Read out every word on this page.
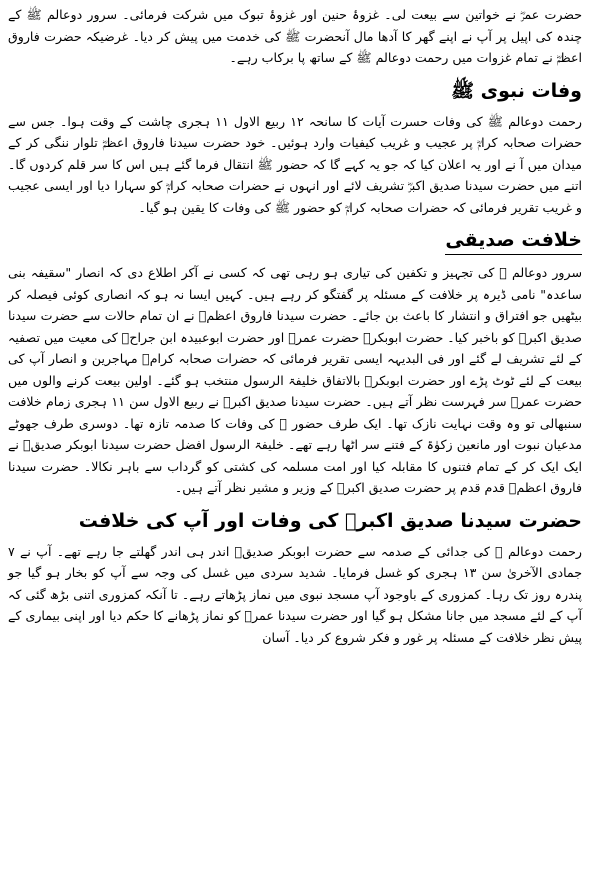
حضرت عمرؓ نے خواتین سے بیعت لی۔ غزوۂ حنین اور غزوۂ تبوک میں شرکت فرمائی۔ سرور دوعالم ﷺ کے چندہ کی اپیل پر آپ نے اپنے گھر کا آدھا مال آنحضرت ﷺ کی خدمت میں پیش کر دیا۔ غرضیکہ حضرت فاروق اعظمؓ نے تمام غزوات میں رحمت دوعالم ﷺ کے ساتھ پا برکاب رہے۔

وفات نبوی ﷺ

رحمت دوعالم ﷺ کی وفات حسرت آیات کا سانحہ ۱۲ ربیع الاول ۱۱ ہجری چاشت کے وقت ہوا۔ جس سے حضرات صحابہ کرامؓ پر عجیب و غریب کیفیات وارد ہوئیں۔ خود حضرت سیدنا فاروق اعظمؓ تلوار ننگی کر کے میدان میں آ نے اور یہ اعلان کیا کہ جو یہ کہے گا کہ حضور ﷺ انتقال فرما گئے ہیں اس کا سر قلم کردوں گا۔ اتنے میں حضرت سیدنا صدیق اکبرؓ تشریف لائے اور انہوں نے حضرات صحابہ کرامؓ کو سہارا دیا اور ایسی عجیب و غریب تقریر فرمائی کہ حضرات صحابہ کرامؓ کو حضور ﷺ کی وفات کا یقین ہو گیا۔

خلافت صدیقی

سرور دوعالم ﷺ کی تجہیز و تکفین کی تیاری ہو رہی تھی کہ کسی نے آکر اطلاع دی کہ انصار "سقیفہ بنی ساعدہ" نامی ڈیرہ پر خلافت کے مسئلہ پر گفتگو کر رہے ہیں۔ کہیں ایسا نہ ہو کہ انصاری کوئی فیصلہ کر بیٹھیں جو افتراق و انتشار کا باعث بن جائے۔ حضرت سیدنا فاروق اعظمؓ نے ان تمام حالات سے حضرت سیدنا صدیق اکبرؓ کو باخبر کیا۔ حضرت ابوبکرؓ حضرت عمرؓ اور حضرت ابوعبیدہ ابن جراحؓ کی معیت میں تصفیہ کے لئے تشریف لے گئے اور فی البدیہہ ایسی تقریر فرمائی کہ حضرات صحابہ کرامؓ مہاجرین و انصار آپ کی بیعت کے لئے ٹوٹ پڑے اور حضرت ابوبکرؓ بالاتفاق خلیفۃ الرسول منتخب ہو گئے۔ اولین بیعت کرنے والوں میں حضرت عمرؓ سر فہرست نظر آتے ہیں۔ حضرت سیدنا صدیق اکبرؓ نے ربیع الاول سن ۱۱ ہجری زمام خلافت سنبھالی تو وہ وقت نہایت نازک تھا۔ ایک طرف حضور ﷺ کی وفات کا صدمہ تازہ تھا۔ دوسری طرف جھوٹے مدعیان نبوت اور مانعین زکوٰۃ کے فتنے سر اٹھا رہے تھے۔ خلیفۃ الرسول افضل حضرت سیدنا ابوبکر صدیقؓ نے ایک ایک کر کے تمام فتنوں کا مقابلہ کیا اور امت مسلمہ کی کشتی کو گرداب سے باہر نکالا۔ حضرت سیدنا فاروق اعظمؓ قدم قدم پر حضرت صدیق اکبرؓ کے وزیر و مشیر نظر آتے ہیں۔

حضرت سیدنا صدیق اکبرؓ کی وفات اور آپ کی خلافت

رحمت دوعالم ﷺ کی جدائی کے صدمہ سے حضرت ابوبکر صدیقؓ اندر ہی اندر گھلتے جا رہے تھے۔ آپ نے ۷ جمادی الآخریٰ سن ۱۳ ہجری کو غسل فرمایا۔ شدید سردی میں غسل کی وجہ سے آپ کو بخار ہو گیا جو پندرہ روز تک رہا۔ کمزوری کے باوجود آپ مسجد نبوی میں نماز پڑھاتے رہے۔ تا آنکہ کمزوری اتنی بڑھ گئی کہ آپ کے لئے مسجد میں جانا مشکل ہو گیا اور حضرت سیدنا عمرؓ کو نماز پڑھانے کا حکم دیا اور اپنی بیماری کے پیش نظر خلافت کے مسئلہ پر غور و فکر شروع کر دیا۔ آسان
